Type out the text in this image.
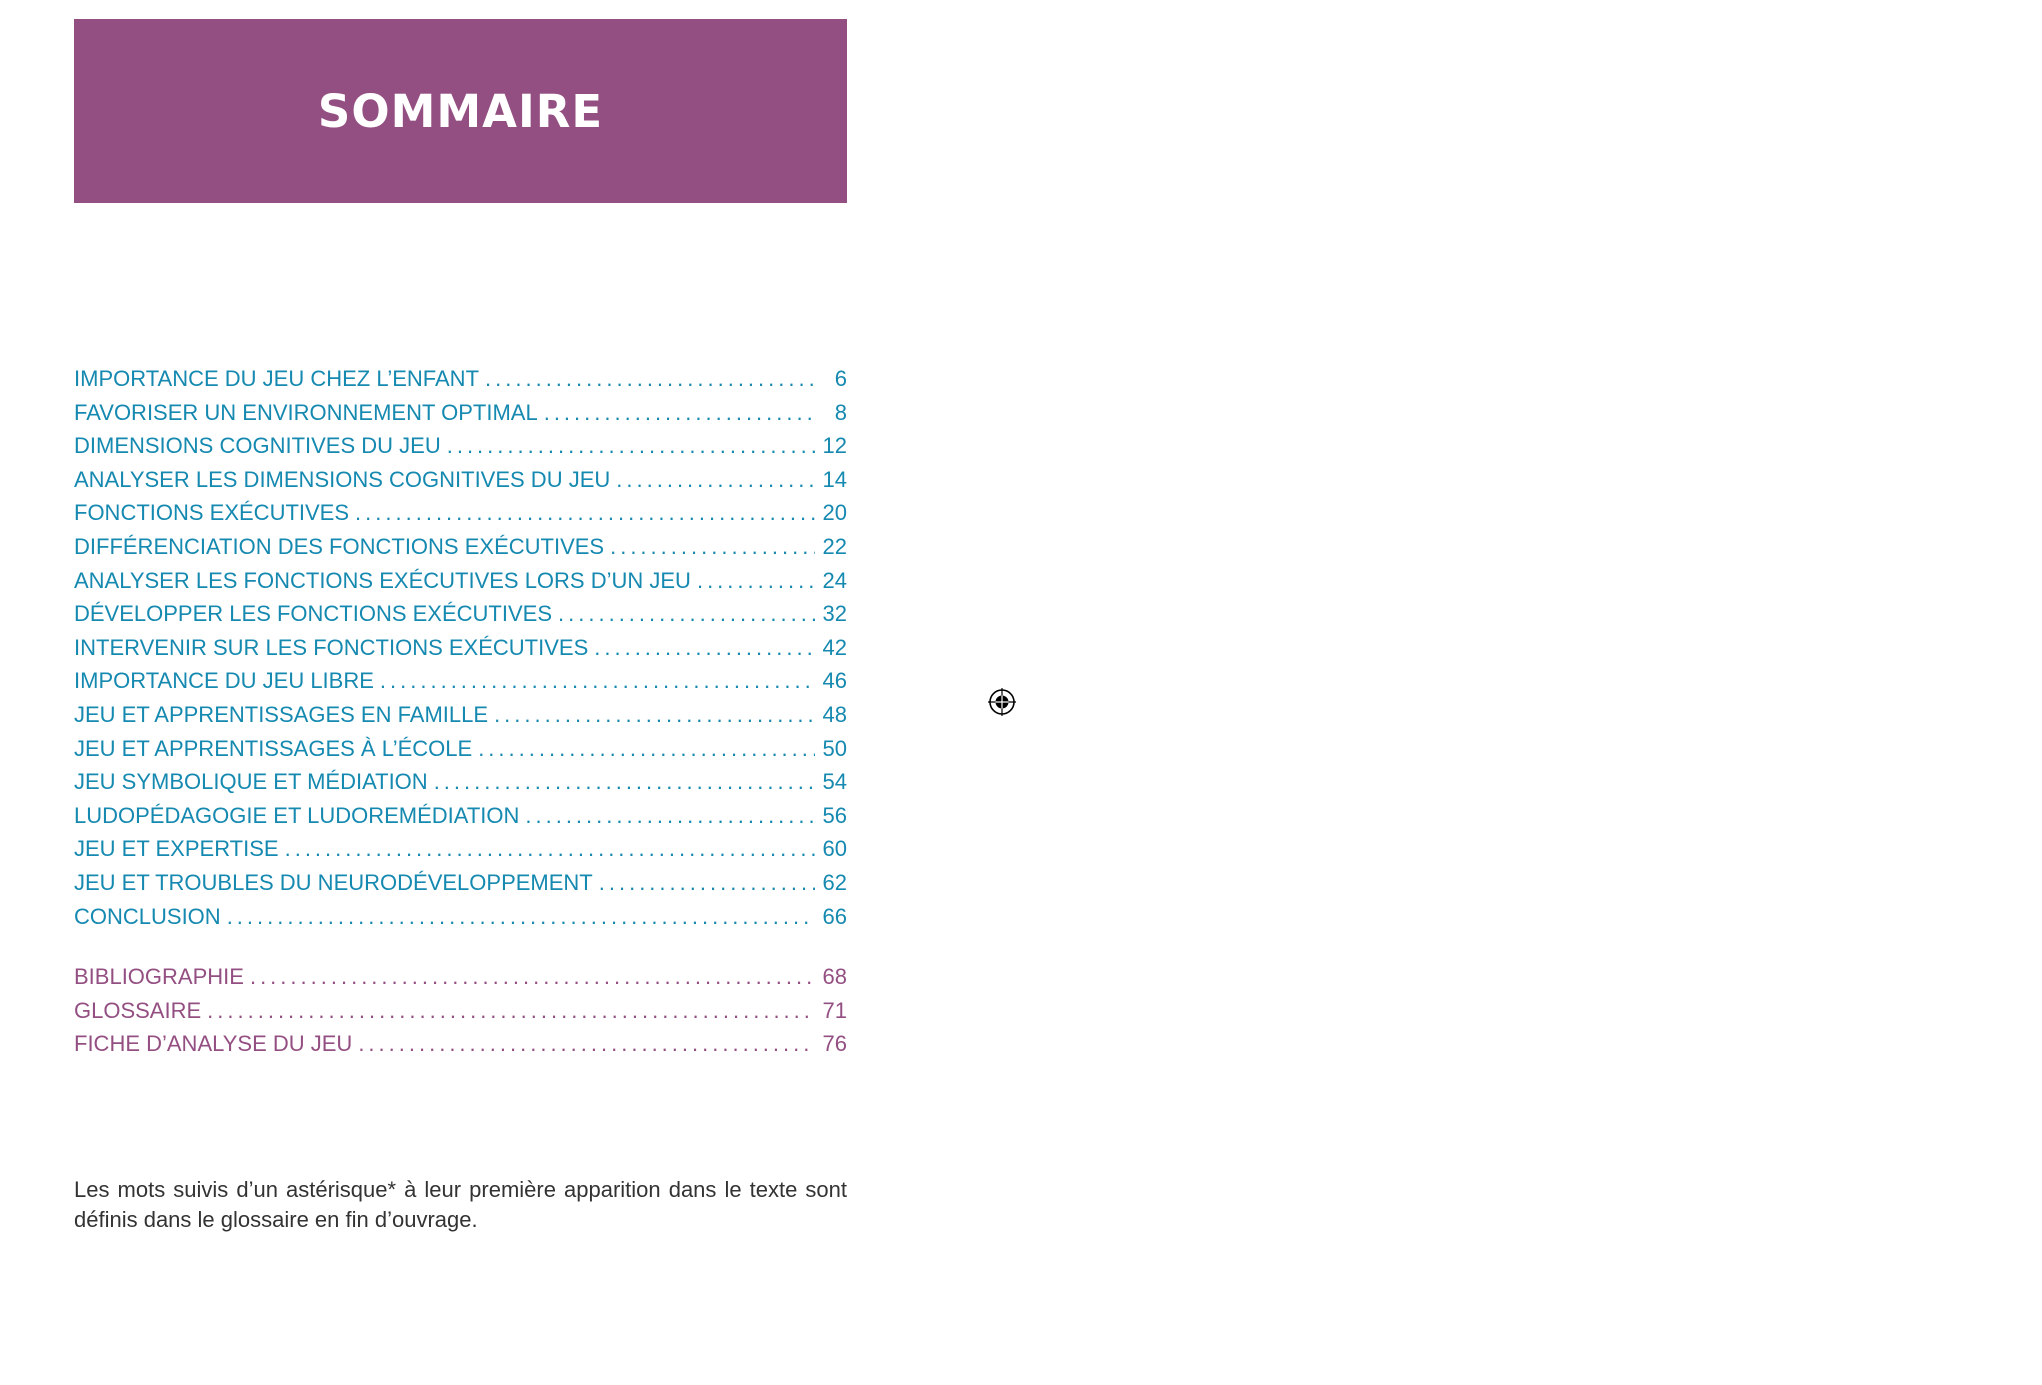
SOMMAIRE
IMPORTANCE DU JEU CHEZ L’ENFANT .....	6
FAVORISER UN ENVIRONNEMENT OPTIMAL .....	8
DIMENSIONS COGNITIVES DU JEU .....	12
ANALYSER LES DIMENSIONS COGNITIVES DU JEU .....	14
FONCTIONS EXÉCUTIVES .....	20
DIFFÉRENCIATION DES FONCTIONS EXÉCUTIVES .....	22
ANALYSER LES FONCTIONS EXÉCUTIVES LORS D’UN JEU .....	24
DÉVELOPPER LES FONCTIONS EXÉCUTIVES .....	32
INTERVENIR SUR LES FONCTIONS EXÉCUTIVES .....	42
IMPORTANCE DU JEU LIBRE .....	46
JEU ET APPRENTISSAGES EN FAMILLE .....	48
JEU ET APPRENTISSAGES À L’ÉCOLE .....	50
JEU SYMBOLIQUE ET MÉDIATION .....	54
LUDOPÉDAGOGIE ET LUDOREMÉDIATION .....	56
JEU ET EXPERTISE .....	60
JEU ET TROUBLES DU NEURODÉVELOPPEMENT .....	62
CONCLUSION .....	66
BIBLIOGRAPHIE .....	68
GLOSSAIRE .....	71
FICHE D’ANALYSE DU JEU .....	76

Les mots suivis d’un astérisque* à leur première apparition dans le texte sont définis dans le glossaire en fin d’ouvrage.
